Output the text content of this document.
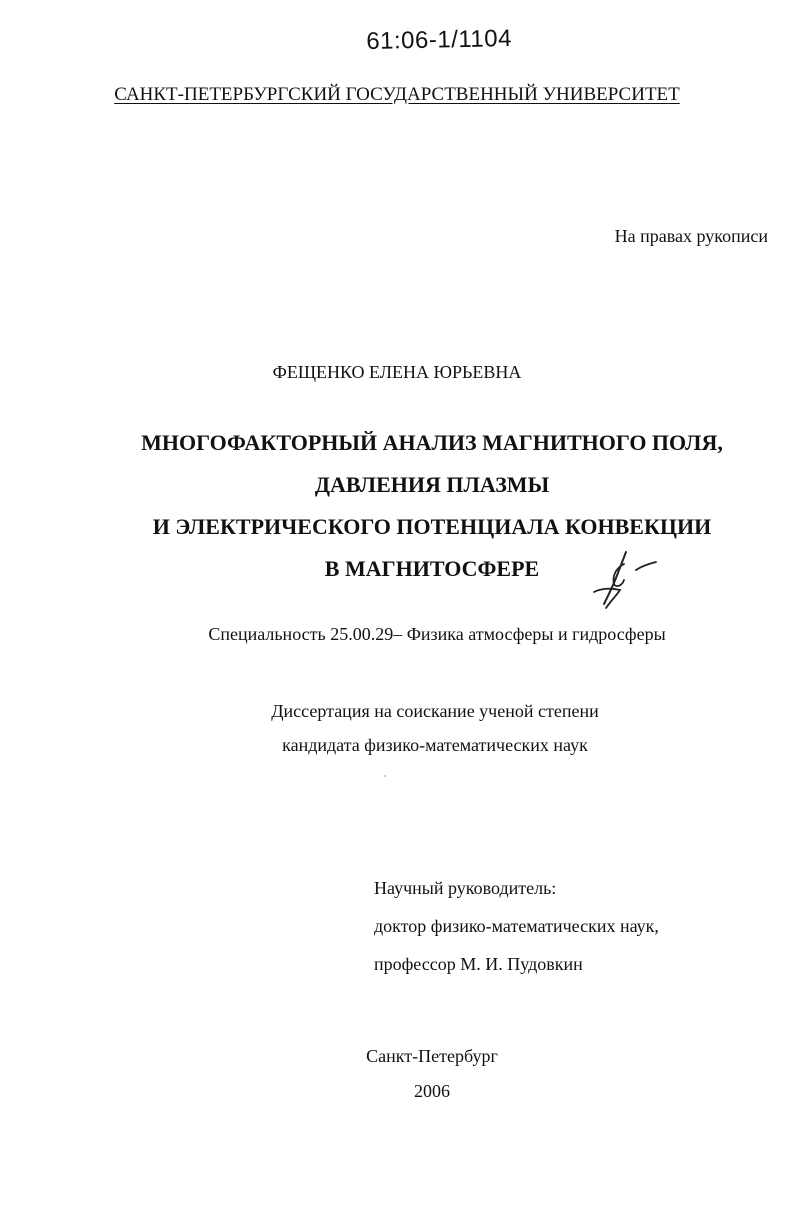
61:06-1/1104
САНКТ-ПЕТЕРБУРГСКИЙ ГОСУДАРСТВЕННЫЙ УНИВЕРСИТЕТ
На правах рукописи
ФЕЩЕНКО ЕЛЕНА ЮРЬЕВНА
МНОГОФАКТОРНЫЙ АНАЛИЗ МАГНИТНОГО ПОЛЯ,
ДАВЛЕНИЯ ПЛАЗМЫ
И ЭЛЕКТРИЧЕСКОГО ПОТЕНЦИАЛА КОНВЕКЦИИ
В МАГНИТОСФЕРЕ
Специальность 25.00.29– Физика атмосферы и гидросферы
Диссертация на соискание ученой степени
кандидата физико-математических наук
Научный руководитель:
доктор физико-математических наук,
профессор М. И. Пудовкин
Санкт-Петербург
2006
